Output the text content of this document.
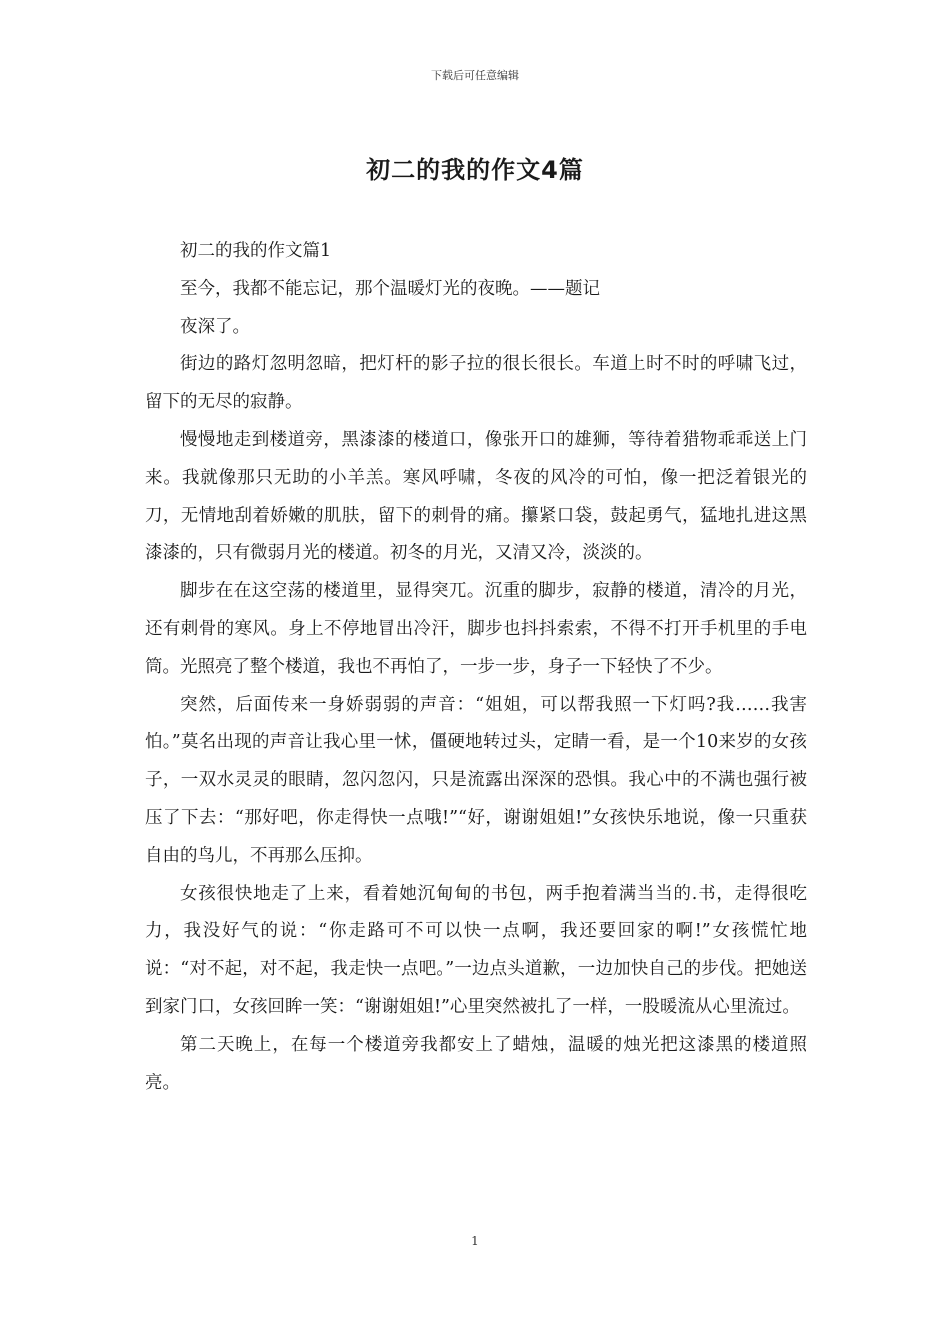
下载后可任意编辑
初二的我的作文4篇

初二的我的作文篇1

至今，我都不能忘记，那个温暖灯光的夜晚。——题记

夜深了。

街边的路灯忽明忽暗，把灯杆的影子拉的很长很长。车道上时不时的呼啸飞过，留下的无尽的寂静。

慢慢地走到楼道旁，黑漆漆的楼道口，像张开口的雄狮，等待着猎物乖乖送上门来。我就像那只无助的小羊羔。寒风呼啸，冬夜的风冷的可怕，像一把泛着银光的刀，无情地刮着娇嫩的肌肤，留下的刺骨的痛。攥紧口袋，鼓起勇气，猛地扎进这黑漆漆的，只有微弱月光的楼道。初冬的月光，又清又冷，淡淡的。

脚步在在这空荡的楼道里，显得突兀。沉重的脚步，寂静的楼道，清冷的月光，还有刺骨的寒风。身上不停地冒出冷汗，脚步也抖抖索索，不得不打开手机里的手电筒。光照亮了整个楼道，我也不再怕了，一步一步，身子一下轻快了不少。

突然，后面传来一身娇弱弱的声音：“姐姐，可以帮我照一下灯吗?我……我害怕。”莫名出现的声音让我心里一怵，僵硬地转过头，定睛一看，是一个10来岁的女孩子，一双水灵灵的眼睛，忽闪忽闪，只是流露出深深的恐惧。我心中的不满也强行被压了下去：“那好吧，你走得快一点哦!”“好，谢谢姐姐!”女孩快乐地说，像一只重获自由的鸟儿，不再那么压抑。

女孩很快地走了上来，看着她沉甸甸的书包，两手抱着满当当的.书，走得很吃力，我没好气的说：“你走路可不可以快一点啊，我还要回家的啊!”女孩慌忙地说：“对不起，对不起，我走快一点吧。”一边点头道歉，一边加快自己的步伐。把她送到家门口，女孩回眸一笑：“谢谢姐姐!”心里突然被扎了一样，一股暖流从心里流过。

第二天晚上，在每一个楼道旁我都安上了蜡烛，温暖的烛光把这漆黑的楼道照亮。

1
